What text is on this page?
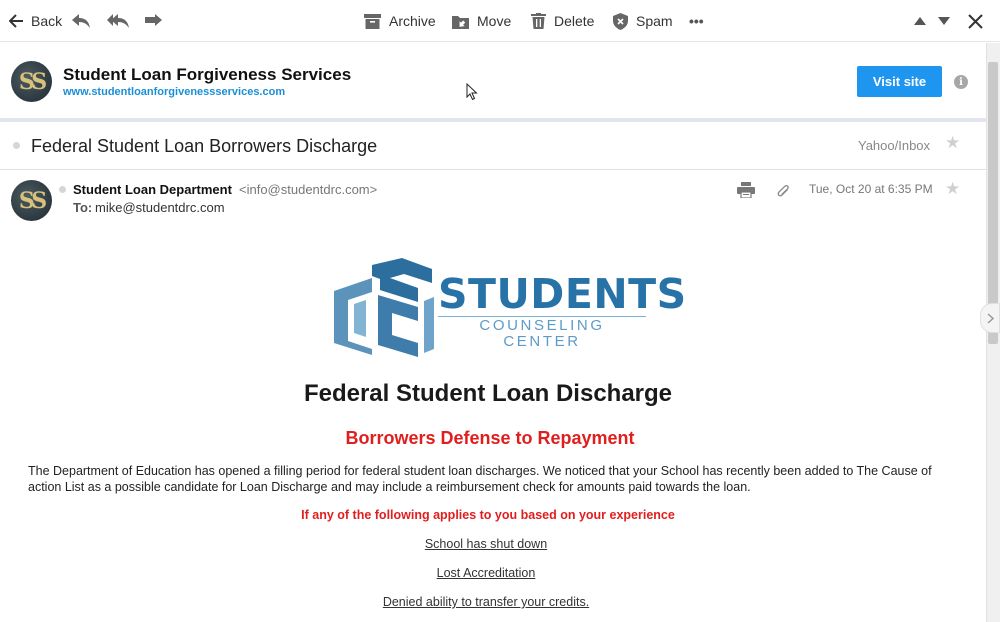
Back	Archive	Move	Delete	Spam •••
SS	Student Loan Forgiveness Services
www.studentloanforgivenessservices.com
Visit site	i
Federal Student Loan Borrowers Discharge	Yahoo/Inbox ★
SS	Student Loan Department <info@studentdrc.com>
To: mike@studentdrc.com
Tue, Oct 20 at 6:35 PM ★
STUDENTS
COUNSELING CENTER
Federal Student Loan Discharge
Borrowers Defense to Repayment
The Department of Education has opened a filling period for federal student loan discharges. We noticed that your School has recently been added to The Cause of action List as a possible candidate for Loan Discharge and may include a reimbursement check for amounts paid towards the loan.
If any of the following applies to you based on your experience
School has shut down
Lost Accreditation
Denied ability to transfer your credits.
